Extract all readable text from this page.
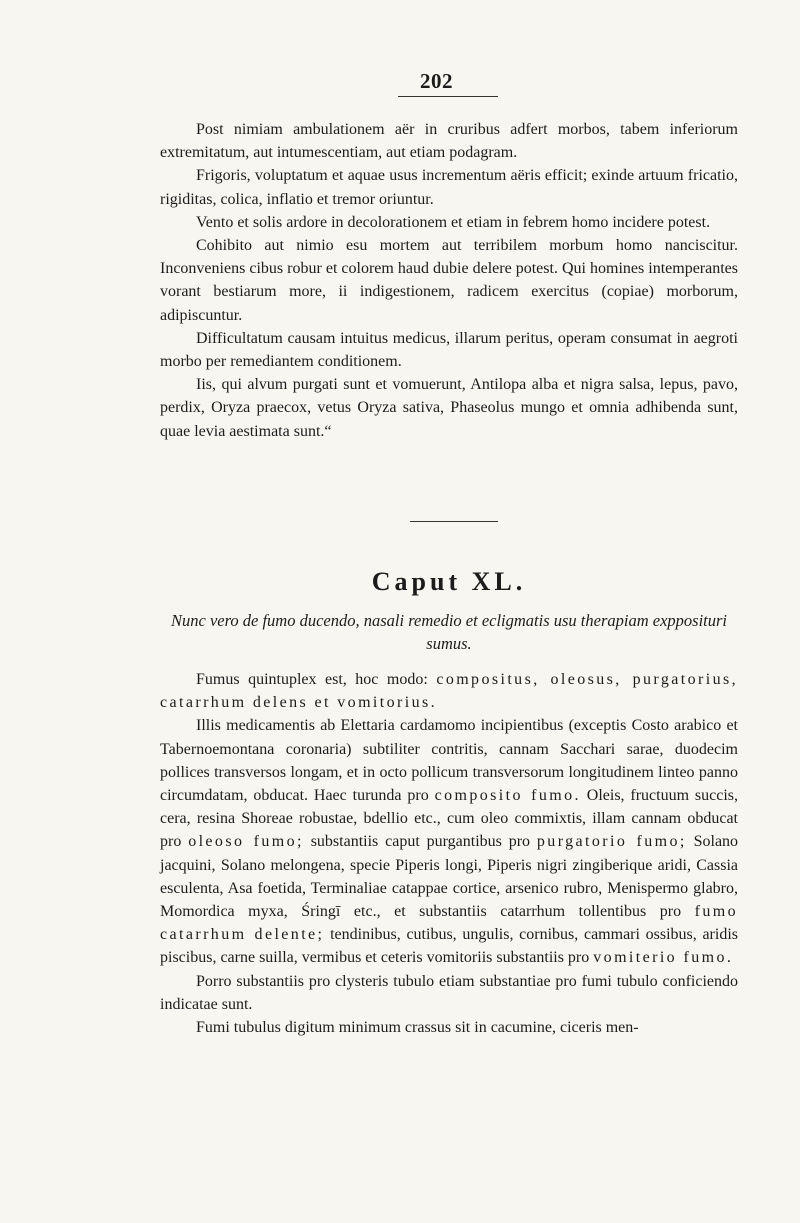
202

Post nimiam ambulationem aër in cruribus adfert morbos, tabem inferiorum extremitatum, aut intumescentiam, aut etiam podagram.

Frigoris, voluptatum et aquae usus incrementum aëris efficit; exinde artuum fricatio, rigiditas, colica, inflatio et tremor oriuntur.

Vento et solis ardore in decolorationem et etiam in febrem homo incidere potest.

Cohibito aut nimio esu mortem aut terribilem morbum homo nanciscitur. Inconveniens cibus robur et colorem haud dubie delere potest. Qui homines intemperantes vorant bestiarum more, ii indigestionem, radicem exercitus (copiae) morborum, adipiscuntur.

Difficultatum causam intuitus medicus, illarum peritus, operam consumat in aegroti morbo per remediantem conditionem.

Iis, qui alvum purgati sunt et vomuerunt, Antilopa alba et nigra salsa, lepus, pavo, perdix, Oryza praecox, vetus Oryza sativa, Phaseolus mungo et omnia adhibenda sunt, quae levia aestimata sunt.“

Caput XL.
Nunc vero de fumo ducendo, nasali remedio et ecligmatis usu therapiam expposituri sumus.

Fumus quintuplex est, hoc modo: compositus, oleosus, purgatorius, catarrhum delens et vomitorius.

Illis medicamentis ab Elettaria cardamomo incipientibus (exceptis Costo arabico et Tabernoemontana coronaria) subtiliter contritis, cannam Sacchari sarae, duodecim pollices transversos longam, et in octo pollicum transversorum longitudinem linteo panno circumdatam, obducat. Haec turunda pro composito fumo. Oleis, fructuum succis, cera, resina Shoreae robustae, bdellio etc., cum oleo commixtis, illam cannam obducat pro oleoso fumo; substantiis caput purgantibus pro purgatorio fumo; Solano jacquini, Solano melongena, specie Piperis longi, Piperis nigri zingiberique aridi, Cassia esculenta, Asa foetida, Terminaliae catappae cortice, arsenico rubro, Menispermo glabro, Momordica myxa, Śringī etc., et substantiis catarrhum tollentibus pro fumo catarrhum delente; tendinibus, cutibus, ungulis, cornibus, cammari ossibus, aridis piscibus, carne suilla, vermibus et ceteris vomitoriis substantiis pro vomiterio fumo.

Porro substantiis pro clysteris tubulo etiam substantiae pro fumi tubulo conficiendo indicatae sunt.

Fumi tubulus digitum minimum crassus sit in cacumine, ciceris men-
